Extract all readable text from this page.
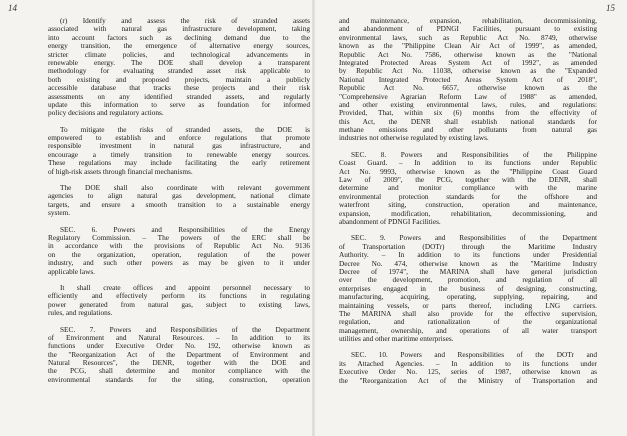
14
(r) Identify and assess the risk of stranded assets
associated with natural gas infrastructure development, taking
into account factors such as declining demand due to the
energy transition, the emergence of alternative energy sources,
stricter climate policies, and technological advancements in
renewable energy. The DOE shall develop a transparent
methodology for evaluating stranded asset risk applicable to
both existing and proposed projects, maintain a publicly
accessible database that tracks these projects and their risk
assessments on any identified stranded assets, and regularly
update this information to serve as foundation for informed
policy decisions and regulatory actions.
To mitigate the risks of stranded assets, the DOE is
empowered to establish and enforce regulations that promote
responsible investment in natural gas infrastructure, and
encourage a timely transition to renewable energy sources.
These regulations may include facilitating the early retirement
of high-risk assets through financial mechanisms.
The DOE shall also coordinate with relevant government
agencies to align natural gas development, national climate
targets, and ensure a smooth transition to a sustainable energy
system.
SEC. 6. Powers and Responsibilities of the Energy
Regulatory Commission. – The powers of the ERC shall be
in accordance with the provisions of Republic Act No. 9136
on the organization, operation, regulation of the power
industry, and such other powers as may be given to it under
applicable laws.
It shall create offices and appoint personnel necessary to
efficiently and effectively perform its functions in regulating
power generated from natural gas, subject to existing laws,
rules, and regulations.
SEC. 7. Powers and Responsibilities of the Department
of Environment and Natural Resources. – In addition to its
functions under Executive Order No. 192, otherwise known as
the "Reorganization Act of the Department of Environment and
Natural Resources", the DENR, together with the DOE and
the PCG, shall determine and monitor compliance with the
environmental standards for the siting, construction, operation
15
and maintenance, expansion, rehabilitation, decommissioning,
and abandonment of PDNGI Facilities, pursuant to existing
environmental laws, such as Republic Act No. 8749, otherwise
known as the "Philippine Clean Air Act of 1999", as amended,
Republic Act No. 7586, otherwise known as the "National
Integrated Protected Areas System Act of 1992", as amended
by Republic Act No. 11038, otherwise known as the "Expanded
National Integrated Protected Areas System Act of 2018",
Republic Act No. 6657, otherwise known as the
"Comprehensive Agrarian Reform Law of 1988" as amended,
and other existing environmental laws, rules, and regulations:
Provided, That, within six (6) months from the effectivity of
this Act, the DENR shall establish national standards for
methane emissions and other pollutants from natural gas
industries not otherwise regulated by existing laws.
SEC. 8. Powers and Responsibilities of the Philippine
Coast Guard. – In addition to its functions under Republic
Act No. 9993, otherwise known as the "Philippine Coast Guard
Law of 2009", the PCG, together with the DENR, shall
determine and monitor compliance with the marine
environmental protection standards for the offshore and
waterfront siting, construction, operation and maintenance,
expansion, modification, rehabilitation, decommissioning, and
abandonment of PDNGI Facilities.
SEC. 9. Powers and Responsibilities of the Department
of Transportation (DOTr) through the Maritime Industry
Authority. – In addition to its functions under Presidential
Decree No. 474, otherwise known as the "Maritime Industry
Decree of 1974", the MARINA shall have general jurisdiction
over the development, promotion, and regulation of all
enterprises engaged in the business of designing, constructing,
manufacturing, acquiring, operating, supplying, repairing, and
maintaining vessels, or parts thereof, including LNG carriers.
The MARINA shall also provide for the effective supervision,
regulation, and rationalization of the organizational
management, ownership, and operations of all water transport
utilities and other maritime enterprises.
SEC. 10. Powers and Responsibilities of the DOTr and
its Attached Agencies. – In addition to its functions under
Executive Order No. 125, series of 1987, otherwise known as
the "Reorganization Act of the Ministry of Transportation and
